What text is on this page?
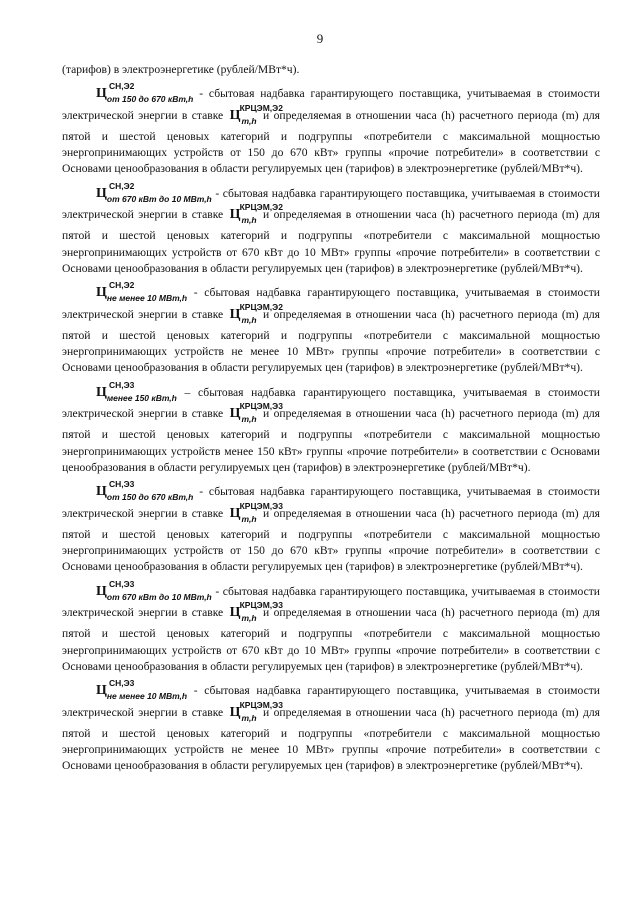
9

(тарифов) в электроэнергетике (рублей/МВт*ч).

Ц СН,Э2
от 150 до 670 кВт,h - сбытовая надбавка гарантирующего поставщика, учитываемая в стоимости электрической энергии в ставке Ц КРЦЭМ,Э2
m,h и определяемая в отношении часа (h) расчетного периода (m) для пятой и шестой ценовых категорий и подгруппы «потребители с максимальной мощностью энергопринимающих устройств от 150 до 670 кВт» группы «прочие потребители» в соответствии с Основами ценообразования в области регулируемых цен (тарифов) в электроэнергетике (рублей/МВт*ч).
Ц СН,Э2
от 670 кВт до 10 МВт,h - сбытовая надбавка гарантирующего поставщика, учитываемая в стоимости электрической энергии в ставке Ц КРЦЭМ,Э2
m,h и определяемая в отношении часа (h) расчетного периода (m) для пятой и шестой ценовых категорий и подгруппы «потребители с максимальной мощностью энергопринимающих устройств от 670 кВт до 10 МВт» группы «прочие потребители» в соответствии с Основами ценообразования в области регулируемых цен (тарифов) в электроэнергетике (рублей/МВт*ч).
Ц СН,Э2
не менее 10 МВт,h - сбытовая надбавка гарантирующего поставщика, учитываемая в стоимости электрической энергии в ставке Ц КРЦЭМ,Э2
m,h и определяемая в отношении часа (h) расчетного периода (m) для пятой и шестой ценовых категорий и подгруппы «потребители с максимальной мощностью энергопринимающих устройств не менее 10 МВт» группы «прочие потребители» в соответствии с Основами ценообразования в области регулируемых цен (тарифов) в электроэнергетике (рублей/МВт*ч).
Ц СН,Э3
менее 150 кВт,h – сбытовая надбавка гарантирующего поставщика, учитываемая в стоимости электрической энергии в ставке Ц КРЦЭМ,Э3
m,h и определяемая в отношении часа (h) расчетного периода (m) для пятой и шестой ценовых категорий и подгруппы «потребители с максимальной мощностью энергопринимающих устройств менее 150 кВт» группы «прочие потребители» в соответствии с Основами ценообразования в области регулируемых цен (тарифов) в электроэнергетике (рублей/МВт*ч).
Ц СН,Э3
от 150 до 670 кВт,h - сбытовая надбавка гарантирующего поставщика, учитываемая в стоимости электрической энергии в ставке Ц КРЦЭМ,Э3
m,h и определяемая в отношении часа (h) расчетного периода (m) для пятой и шестой ценовых категорий и подгруппы «потребители с максимальной мощностью энергопринимающих устройств от 150 до 670 кВт» группы «прочие потребители» в соответствии с Основами ценообразования в области регулируемых цен (тарифов) в электроэнергетике (рублей/МВт*ч).
Ц СН,Э3
от 670 кВт до 10 МВт,h - сбытовая надбавка гарантирующего поставщика, учитываемая в стоимости электрической энергии в ставке Ц КРЦЭМ,Э3
m,h и определяемая в отношении часа (h) расчетного периода (m) для пятой и шестой ценовых категорий и подгруппы «потребители с максимальной мощностью энергопринимающих устройств от 670 кВт до 10 МВт» группы «прочие потребители» в соответствии с Основами ценообразования в области регулируемых цен (тарифов) в электроэнергетике (рублей/МВт*ч).
Ц СН,Э3
не менее 10 МВт,h - сбытовая надбавка гарантирующего поставщика, учитываемая в стоимости электрической энергии в ставке Ц КРЦЭМ,Э3
m,h и определяемая в отношении часа (h) расчетного периода (m) для пятой и шестой ценовых категорий и подгруппы «потребители с максимальной мощностью энергопринимающих устройств не менее 10 МВт» группы «прочие потребители» в соответствии с Основами ценообразования в области регулируемых цен (тарифов) в электроэнергетике (рублей/МВт*ч).
